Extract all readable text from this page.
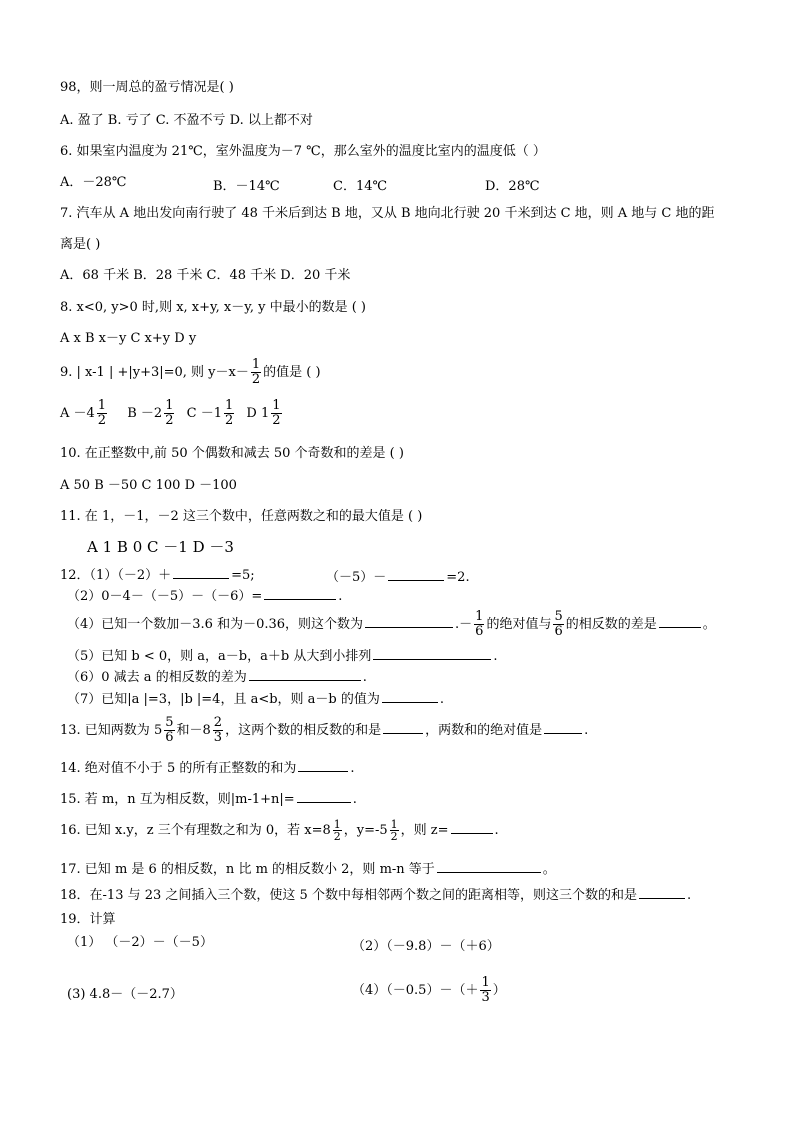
98，则一周总的盈亏情况是( )
A. 盈了 B. 亏了 C. 不盈不亏 D. 以上都不对
6. 如果室内温度为 21℃，室外温度为－7 ℃，那么室外的温度比室内的温度低（ ）
A．－28℃	B．－14℃	C．14℃	D．28℃
7. 汽车从 A 地出发向南行驶了 48 千米后到达 B 地，又从 B 地向北行驶 20 千米到达 C 地，则 A 地与 C 地的距
离是( )
A．68 千米 B．28 千米 C．48 千米 D．20 千米
8. x<0, y>0 时,则 x, x+y, x－y, y 中最小的数是 ( )
A x B x－y C x+y D y
9. | x-1 | +|y+3|=0, 则 $y-x- \frac{1}{2}$ 的值是 ( )
$A -4 \frac{1}{2}$ $B -2 \frac{1}{2}$ $C -1 \frac{1}{2}$ D $1 \frac{1}{2}$
10. 在正整数中,前 50 个偶数和减去 50 个奇数和的差是 ( )
A 50 B －50 C 100 D －100
11. 在 1，－1，－2 这三个数中，任意两数之和的最大值是 ( )
A 1 B 0 C －1 D －3
12．（1）（－2）＋	=5;	（－5）－	=2.
（2）0－4－（－5）－（－6）=	.
（4）已知一个数加－3.6 和为－0.36，则这个数为	.－ $\frac{1}{6}$ 的绝对值与 $\frac{5}{6}$ 的相反数的差是	。
（5）已知 b < 0，则 a，a－b，a＋b 从大到小排列	.
（6）0 减去 a 的相反数的差为	.
（7）已知|a |=3，|b |=4，且 a<b，则 a－b 的值为	.
13. 已知两数为 $5 \frac{5}{6}$ 和$-8 \frac{2}{3}$ ，这两个数的相反数的和是	，两数和的绝对值是	.
14. 绝对值不小于 5 的所有正整数的和为	.
15. 若 m，n 互为相反数，则|m-1+n|=	.
16. 已知 x.y，z 三个有理数之和为 0，若 $x=8 \frac{1}{2}$ ，$y=-5 \frac{1}{2}$ ，则 z=	.
17. 已知 m 是 6 的相反数，n 比 m 的相反数小 2，则 m-n 等于	。
18．在-13 与 23 之间插入三个数，使这 5 个数中每相邻两个数之间的距离相等，则这三个数的和是	.
19．计算
（1） （－2）－（－5）	（2）（－9.8）－（＋6）
(3) 4.8－（－2.7）	$(4)(-0.5)-(+ \frac{1}{3}$ ）
